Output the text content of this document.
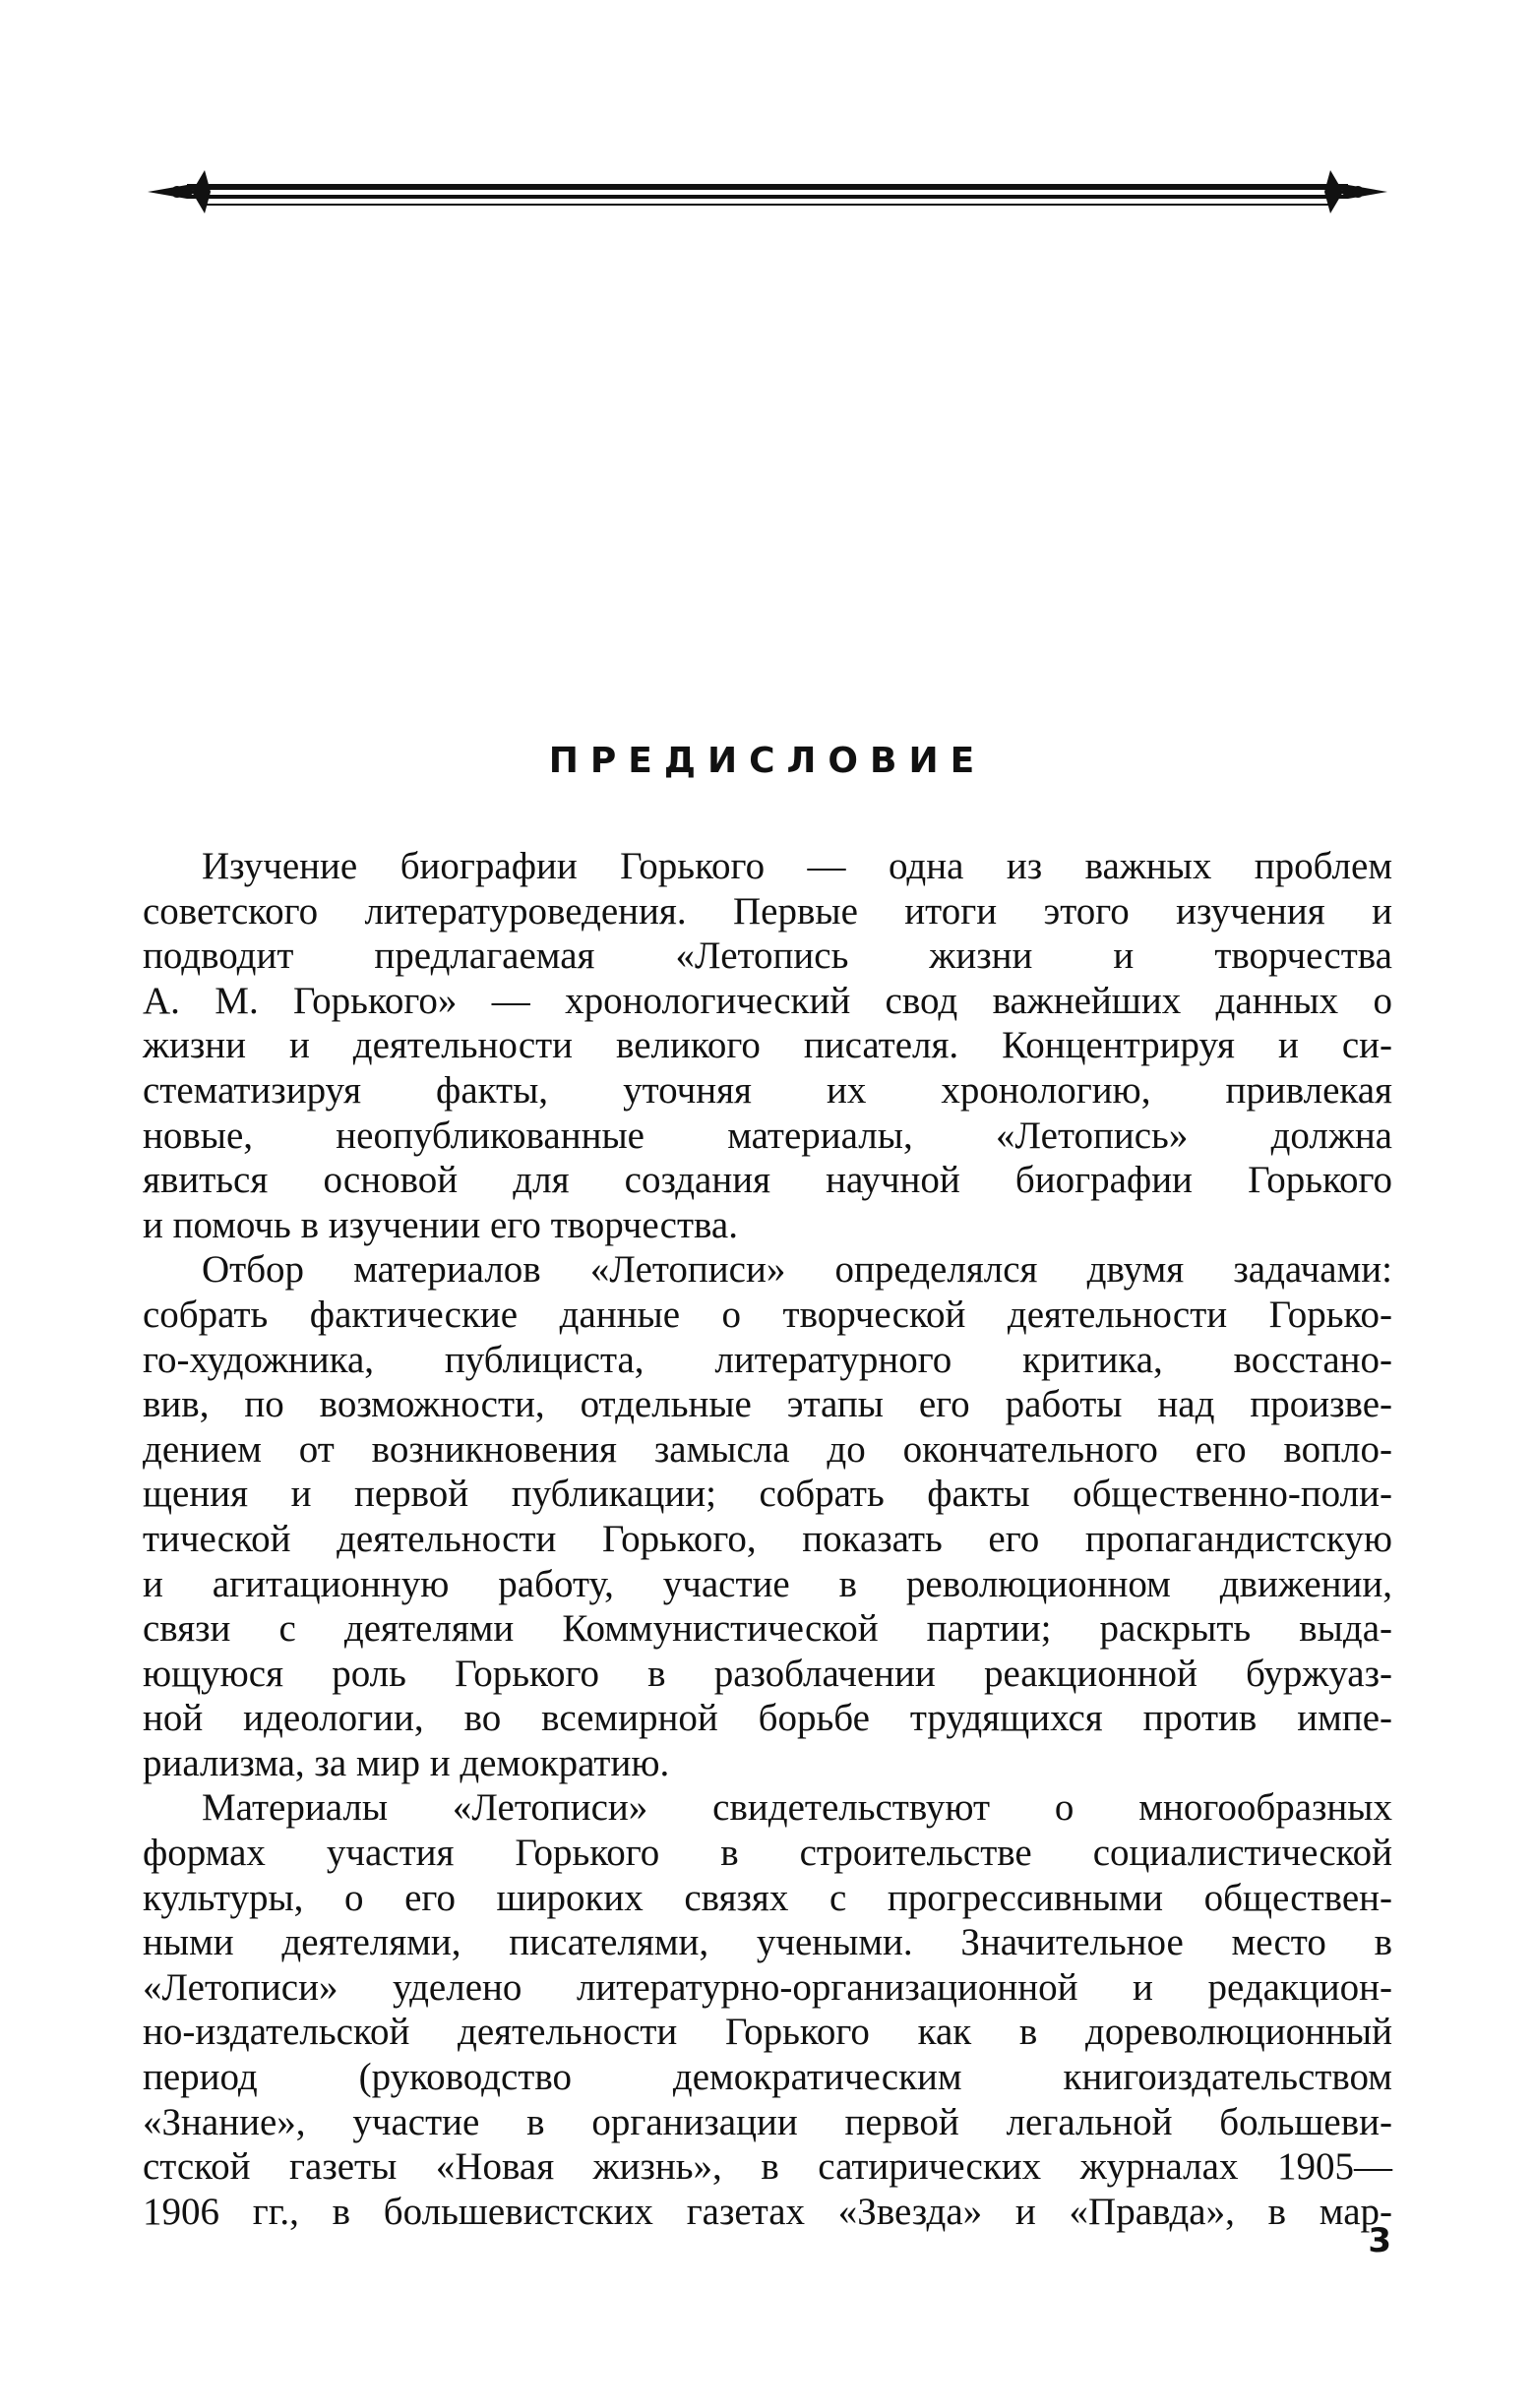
ПРЕДИСЛОВИЕ

Изучение биографии Горького — одна из важных проблем
советского литературоведения. Первые итоги этого изучения и
подводит предлагаемая «Летопись жизни и творчества
А. М. Горького» — хронологический свод важнейших данных о
жизни и деятельности великого писателя. Концентрируя и си-
стематизируя факты, уточняя их хронологию, привлекая
новые, неопубликованные материалы, «Летопись» должна
явиться основой для создания научной биографии Горького
и помочь в изучении его творчества.

Отбор материалов «Летописи» определялся двумя задачами:
собрать фактические данные о творческой деятельности Горько-
го-художника, публициста, литературного критика, восстано-
вив, по возможности, отдельные этапы его работы над произве-
дением от возникновения замысла до окончательного его вопло-
щения и первой публикации; собрать факты общественно-поли-
тической деятельности Горького, показать его пропагандистскую
и агитационную работу, участие в революционном движении,
связи с деятелями Коммунистической партии; раскрыть выда-
ющуюся роль Горького в разоблачении реакционной буржуаз-
ной идеологии, во всемирной борьбе трудящихся против импе-
риализма, за мир и демократию.

Материалы «Летописи» свидетельствуют о многообразных
формах участия Горького в строительстве социалистической
культуры, о его широких связях с прогрессивными обществен-
ными деятелями, писателями, учеными. Значительное место в
«Летописи» уделено литературно-организационной и редакцион-
но-издательской деятельности Горького как в дореволюционный
период (руководство демократическим книгоиздательством
«Знание», участие в организации первой легальной большеви-
стской газеты «Новая жизнь», в сатирических журналах 1905—
1906 гг., в большевистских газетах «Звезда» и «Правда», в мар-

3
